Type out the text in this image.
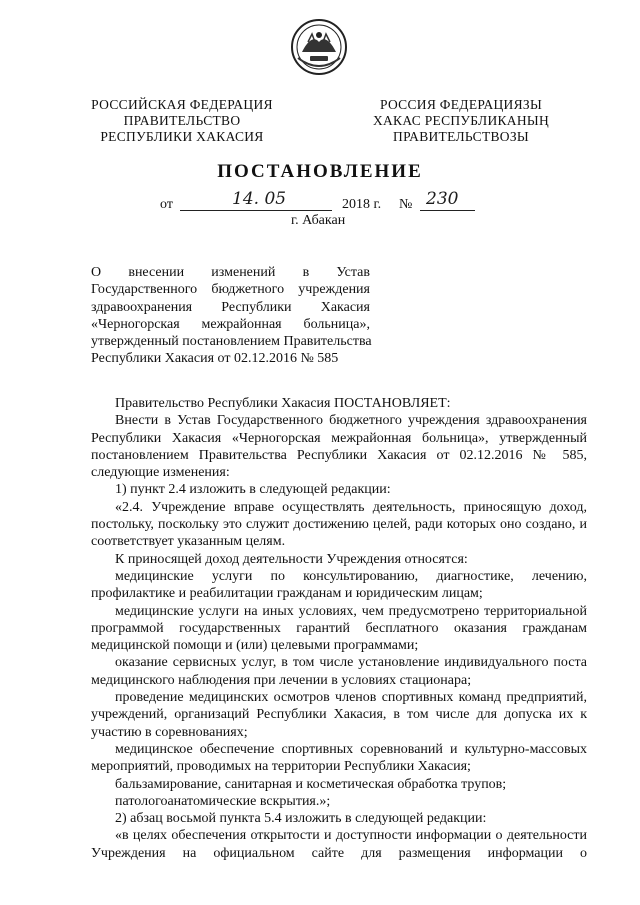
РОССИЙСКАЯ ФЕДЕРАЦИЯ
ПРАВИТЕЛЬСТВО
РЕСПУБЛИКИ ХАКАСИЯ
РОССИЯ ФЕДЕРАЦИЯЗЫ
ХАКАС РЕСПУБЛИКАНЫҢ
ПРАВИТЕЛЬСТВОЗЫ
ПОСТАНОВЛЕНИЕ
от	14. 05	2018 г. № 230
г. Абакан
О внесении изменений в Устав
Государственного бюджетного учреждения
здравоохранения Республики Хакасия
«Черногорская межрайонная больница»,
утвержденный постановлением Правительства
Республики Хакасия от 02.12.2016 № 585
Правительство Республики Хакасия ПОСТАНОВЛЯЕТ:
Внести в Устав Государственного бюджетного учреждения здравоохранения
Республики Хакасия «Черногорская межрайонная больница», утвержденный
постановлением Правительства Республики Хакасия от 02.12.2016 № 585,
следующие изменения:
1) пункт 2.4 изложить в следующей редакции:
«2.4. Учреждение вправе осуществлять деятельность, приносящую доход,
постольку, поскольку это служит достижению целей, ради которых оно создано, и
соответствует указанным целям.
К приносящей доход деятельности Учреждения относятся:
медицинские услуги по консультированию, диагностике, лечению,
профилактике и реабилитации гражданам и юридическим лицам;
медицинские услуги на иных условиях, чем предусмотрено территориальной
программой государственных гарантий бесплатного оказания гражданам
медицинской помощи и (или) целевыми программами;
оказание сервисных услуг, в том числе установление индивидуального поста
медицинского наблюдения при лечении в условиях стационара;
проведение медицинских осмотров членов спортивных команд предприятий,
учреждений, организаций Республики Хакасия, в том числе для допуска их к
участию в соревнованиях;
медицинское обеспечение спортивных соревнований и культурно-массовых
мероприятий, проводимых на территории Республики Хакасия;
бальзамирование, санитарная и косметическая обработка трупов;
патологоанатомические вскрытия.»;
2) абзац восьмой пункта 5.4 изложить в следующей редакции:
«в целях обеспечения открытости и доступности информации о деятельности
Учреждения на официальном сайте для размещения информации о
